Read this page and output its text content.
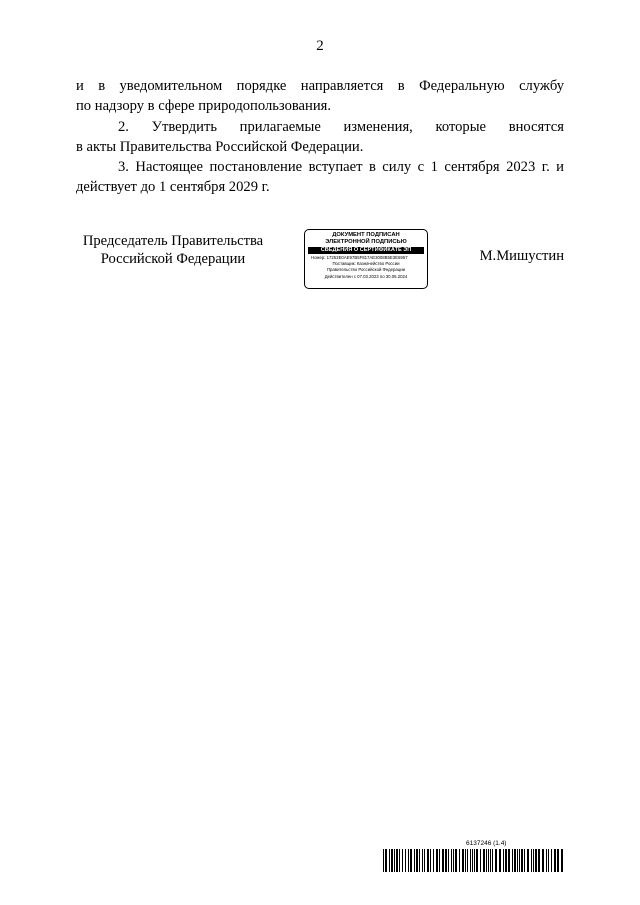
2

и в уведомительном порядке направляется в Федеральную службу
по надзору в сфере природопользования.

2. Утвердить прилагаемые изменения, которые вносятся
в акты Правительства Российской Федерации.

3. Настоящее постановление вступает в силу с 1 сентября 2023 г. и
действует до 1 сентября 2029 г.

Председатель Правительства
Российской Федерации
ДОКУМЕНТ ПОДПИСАН
ЭЛЕКТРОННОЙ ПОДПИСЬЮ
СВЕДЕНИЯ О СЕРТИФИКАТЕ ЭП
Номер: 17253E0AE97B5F817AE3008B5E3E6957
Поставщик: Казначейство России
Правительство Российской Федерации
Действителен с 07.03.2023 по 30.05.2024
М.Мишустин
6137246 (1.4)
